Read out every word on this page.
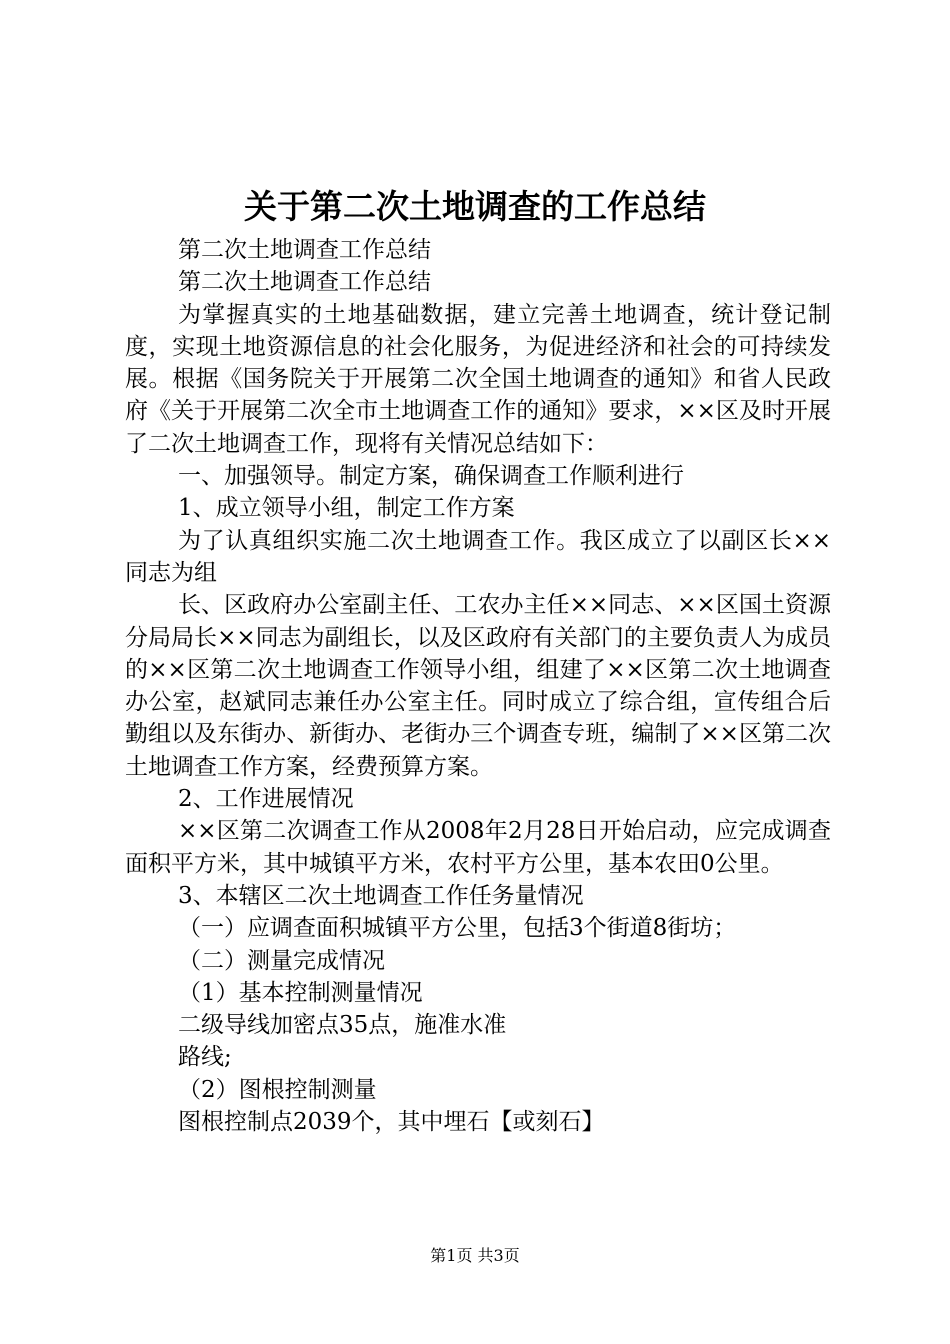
关于第二次土地调查的工作总结

第二次土地调查工作总结

第二次土地调查工作总结

为掌握真实的土地基础数据，建立完善土地调查，统计登记制度，实现土地资源信息的社会化服务，为促进经济和社会的可持续发展。根据《国务院关于开展第二次全国土地调查的通知》和省人民政府《关于开展第二次全市土地调查工作的通知》要求，××区及时开展了二次土地调查工作，现将有关情况总结如下：

一、加强领导。制定方案，确保调查工作顺利进行

1、成立领导小组，制定工作方案

为了认真组织实施二次土地调查工作。我区成立了以副区长××同志为组

长、区政府办公室副主任、工农办主任××同志、××区国土资源分局局长××同志为副组长，以及区政府有关部门的主要负责人为成员的××区第二次土地调查工作领导小组，组建了××区第二次土地调查办公室，赵斌同志兼任办公室主任。同时成立了综合组，宣传组合后勤组以及东街办、新街办、老街办三个调查专班，编制了××区第二次土地调查工作方案，经费预算方案。

2、工作进展情况

××区第二次调查工作从2008年2月28日开始启动，应完成调查面积平方米，其中城镇平方米，农村平方公里，基本农田0公里。

3、本辖区二次土地调查工作任务量情况

（一）应调查面积城镇平方公里，包括3个街道8街坊；

（二）测量完成情况

（1）基本控制测量情况

二级导线加密点35点，施准水准

路线;

（2）图根控制测量

图根控制点2039个，其中埋石【或刻石】

第1页 共3页
